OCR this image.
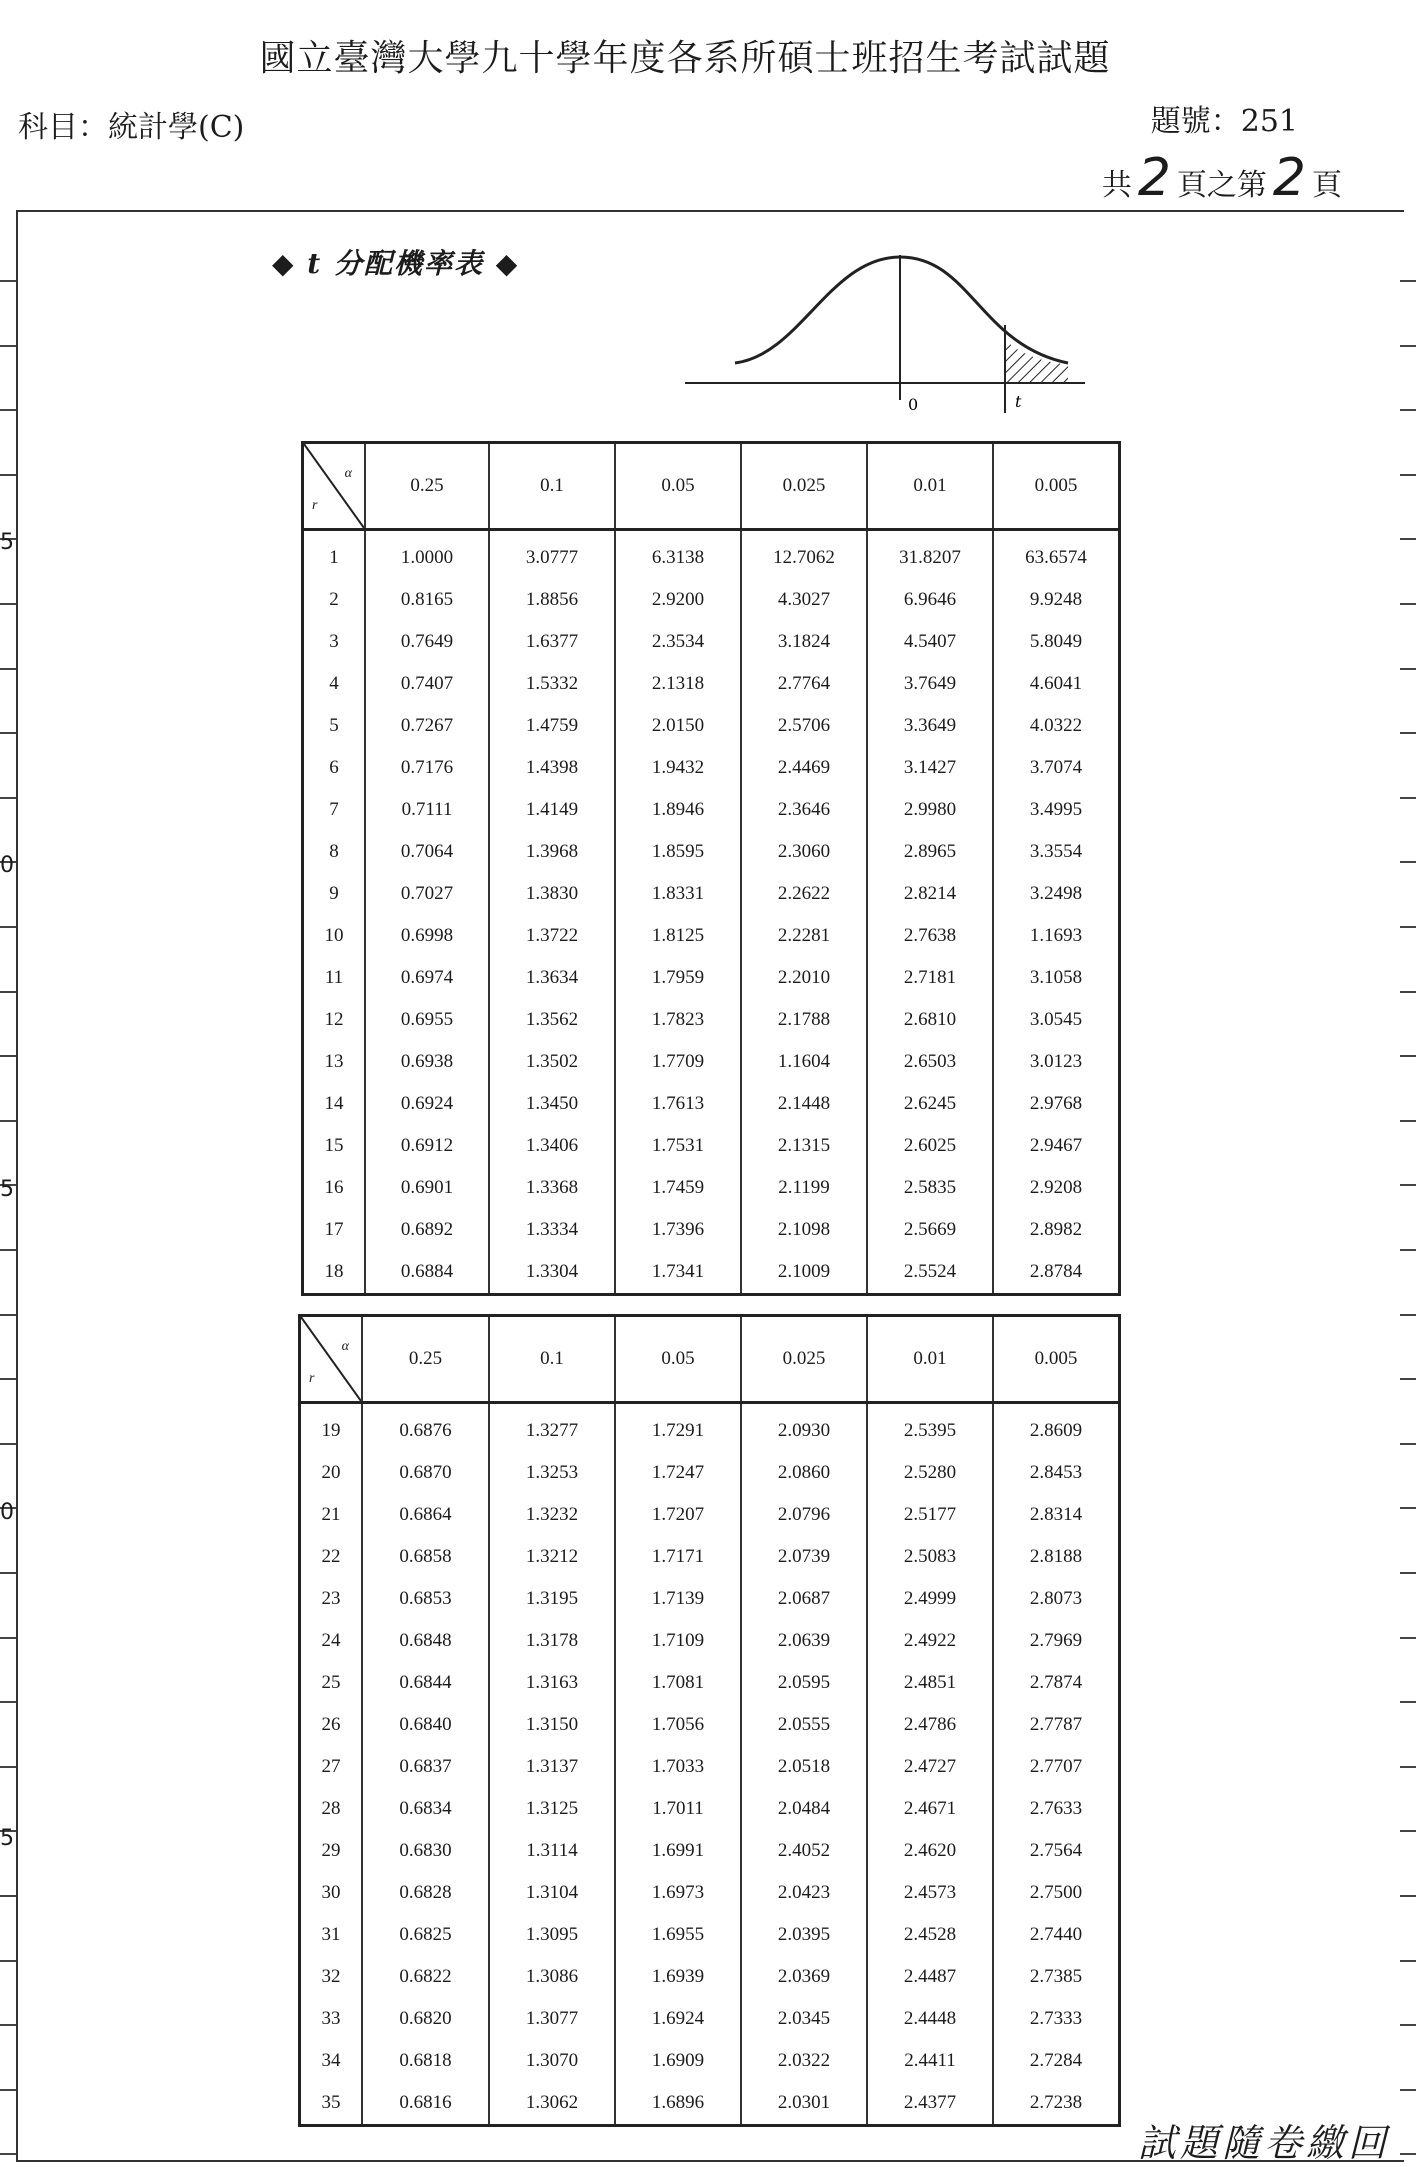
國立臺灣大學九十學年度各系所碩士班招生考試試題
科目：統計學(C)	題號：251
共 2 頁之第 2 頁
5
0
5
0
5
◆ t 分配機率表 ◆
0	t
α
r	0.25	0.1	0.05	0.025	0.01	0.005
1	1.0000	3.0777	6.3138	12.7062	31.8207	63.6574
2	0.8165	1.8856	2.9200	4.3027	6.9646	9.9248
3	0.7649	1.6377	2.3534	3.1824	4.5407	5.8049
4	0.7407	1.5332	2.1318	2.7764	3.7649	4.6041
5	0.7267	1.4759	2.0150	2.5706	3.3649	4.0322
6	0.7176	1.4398	1.9432	2.4469	3.1427	3.7074
7	0.7111	1.4149	1.8946	2.3646	2.9980	3.4995
8	0.7064	1.3968	1.8595	2.3060	2.8965	3.3554
9	0.7027	1.3830	1.8331	2.2622	2.8214	3.2498
10	0.6998	1.3722	1.8125	2.2281	2.7638	1.1693
11	0.6974	1.3634	1.7959	2.2010	2.7181	3.1058
12	0.6955	1.3562	1.7823	2.1788	2.6810	3.0545
13	0.6938	1.3502	1.7709	1.1604	2.6503	3.0123
14	0.6924	1.3450	1.7613	2.1448	2.6245	2.9768
15	0.6912	1.3406	1.7531	2.1315	2.6025	2.9467
16	0.6901	1.3368	1.7459	2.1199	2.5835	2.9208
17	0.6892	1.3334	1.7396	2.1098	2.5669	2.8982
18	0.6884	1.3304	1.7341	2.1009	2.5524	2.8784
α
r	0.25	0.1	0.05	0.025	0.01	0.005
19	0.6876	1.3277	1.7291	2.0930	2.5395	2.8609
20	0.6870	1.3253	1.7247	2.0860	2.5280	2.8453
21	0.6864	1.3232	1.7207	2.0796	2.5177	2.8314
22	0.6858	1.3212	1.7171	2.0739	2.5083	2.8188
23	0.6853	1.3195	1.7139	2.0687	2.4999	2.8073
24	0.6848	1.3178	1.7109	2.0639	2.4922	2.7969
25	0.6844	1.3163	1.7081	2.0595	2.4851	2.7874
26	0.6840	1.3150	1.7056	2.0555	2.4786	2.7787
27	0.6837	1.3137	1.7033	2.0518	2.4727	2.7707
28	0.6834	1.3125	1.7011	2.0484	2.4671	2.7633
29	0.6830	1.3114	1.6991	2.4052	2.4620	2.7564
30	0.6828	1.3104	1.6973	2.0423	2.4573	2.7500
31	0.6825	1.3095	1.6955	2.0395	2.4528	2.7440
32	0.6822	1.3086	1.6939	2.0369	2.4487	2.7385
33	0.6820	1.3077	1.6924	2.0345	2.4448	2.7333
34	0.6818	1.3070	1.6909	2.0322	2.4411	2.7284
35	0.6816	1.3062	1.6896	2.0301	2.4377	2.7238
試題隨卷繳回
